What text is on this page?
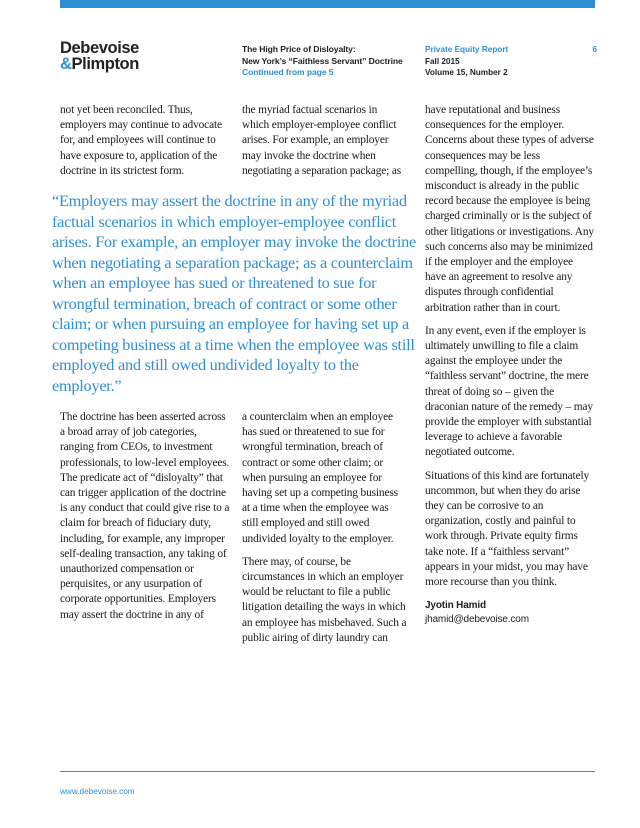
Debevoise
&Plimpton
The High Price of Disloyalty:
New York’s “Faithless Servant” Doctrine
Continued from page 5
Private Equity Report
Fall 2015
Volume 15, Number 2
6

not yet been reconciled. Thus, employers may continue to advocate for, and employees will continue to have exposure to, application of the doctrine in its strictest form.

the myriad factual scenarios in which employer-employee conflict arises. For example, an employer may invoke the doctrine when negotiating a separation package; as

“Employers may assert the doctrine in any of the myriad factual scenarios in which employer-employee conflict arises. For example, an employer may invoke the doctrine when negotiating a separation package; as a counterclaim when an employee has sued or threatened to sue for wrongful termination, breach of contract or some other claim; or when pursuing an employee for having set up a competing business at a time when the employee was still employed and still owed undivided loyalty to the employer.”

have reputational and business consequences for the employer. Concerns about these types of adverse consequences may be less compelling, though, if the employee’s misconduct is already in the public record because the employee is being charged criminally or is the subject of other litigations or investigations. Any such concerns also may be minimized if the employer and the employee have an agreement to resolve any disputes through confidential arbitration rather than in court.

In any event, even if the employer is ultimately unwilling to file a claim against the employee under the “faithless servant” doctrine, the mere threat of doing so – given the draconian nature of the remedy – may provide the employer with substantial leverage to achieve a favorable negotiated outcome.

Situations of this kind are fortunately uncommon, but when they do arise they can be corrosive to an organization, costly and painful to work through. Private equity firms take note. If a “faithless servant” appears in your midst, you may have more recourse than you think.

Jyotin Hamid
jhamid@debevoise.com

The doctrine has been asserted across a broad array of job categories, ranging from CEOs, to investment professionals, to low-level employees. The predicate act of “disloyalty” that can trigger application of the doctrine is any conduct that could give rise to a claim for breach of fiduciary duty, including, for example, any improper self-dealing transaction, any taking of unauthorized compensation or perquisites, or any usurpation of corporate opportunities. Employers may assert the doctrine in any of

a counterclaim when an employee has sued or threatened to sue for wrongful termination, breach of contract or some other claim; or when pursuing an employee for having set up a competing business at a time when the employee was still employed and still owed undivided loyalty to the employer.

There may, of course, be circumstances in which an employer would be reluctant to file a public litigation detailing the ways in which an employee has misbehaved. Such a public airing of dirty laundry can

www.debevoise.com
